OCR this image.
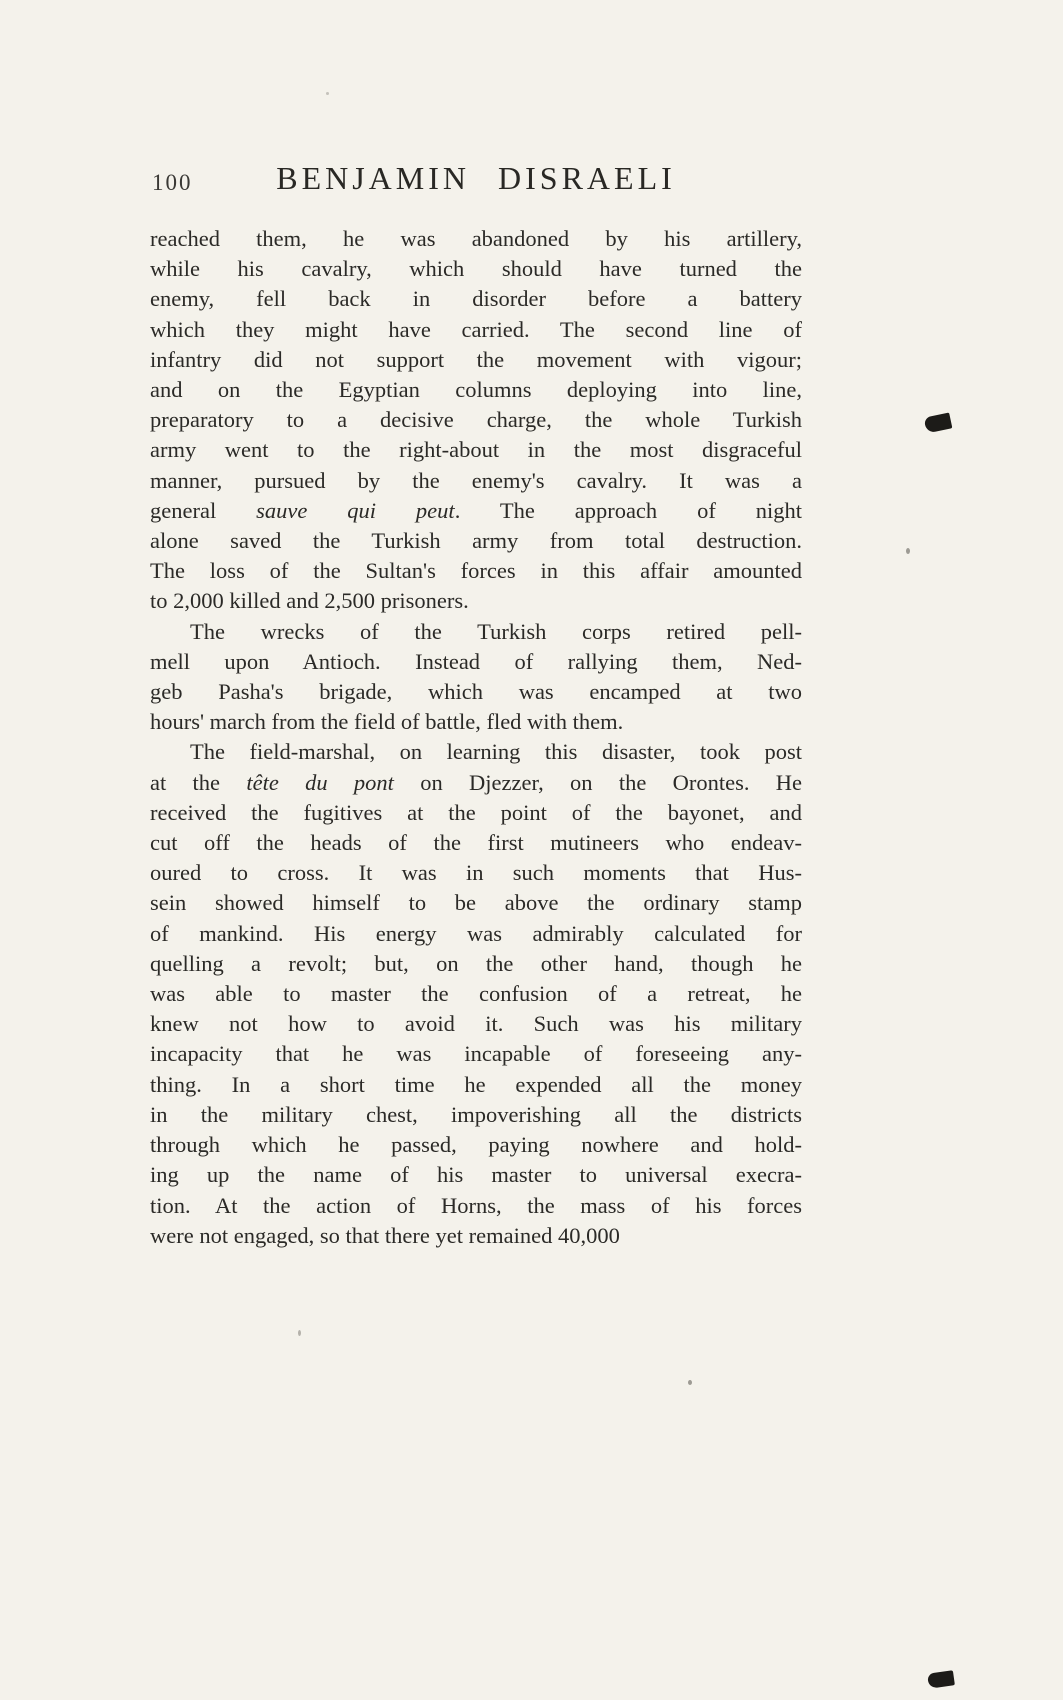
100	BENJAMIN DISRAELI
reached them, he was abandoned by his artillery,
while his cavalry, which should have turned the
enemy, fell back in disorder before a battery
which they might have carried. The second line of
infantry did not support the movement with vigour;
and on the Egyptian columns deploying into line,
preparatory to a decisive charge, the whole Turkish
army went to the right-about in the most disgraceful
manner, pursued by the enemy's cavalry. It was a
general sauve qui peut. The approach of night
alone saved the Turkish army from total destruction.
The loss of the Sultan's forces in this affair amounted
to 2,000 killed and 2,500 prisoners.
The wrecks of the Turkish corps retired pell-
mell upon Antioch. Instead of rallying them, Ned-
geb Pasha's brigade, which was encamped at two
hours' march from the field of battle, fled with them.
The field-marshal, on learning this disaster, took post
at the tête du pont on Djezzer, on the Orontes. He
received the fugitives at the point of the bayonet, and
cut off the heads of the first mutineers who endeav-
oured to cross. It was in such moments that Hus-
sein showed himself to be above the ordinary stamp
of mankind. His energy was admirably calculated for
quelling a revolt; but, on the other hand, though he
was able to master the confusion of a retreat, he
knew not how to avoid it. Such was his military
incapacity that he was incapable of foreseeing any-
thing. In a short time he expended all the money
in the military chest, impoverishing all the districts
through which he passed, paying nowhere and hold-
ing up the name of his master to universal execra-
tion. At the action of Horns, the mass of his forces
were not engaged, so that there yet remained 40,000
